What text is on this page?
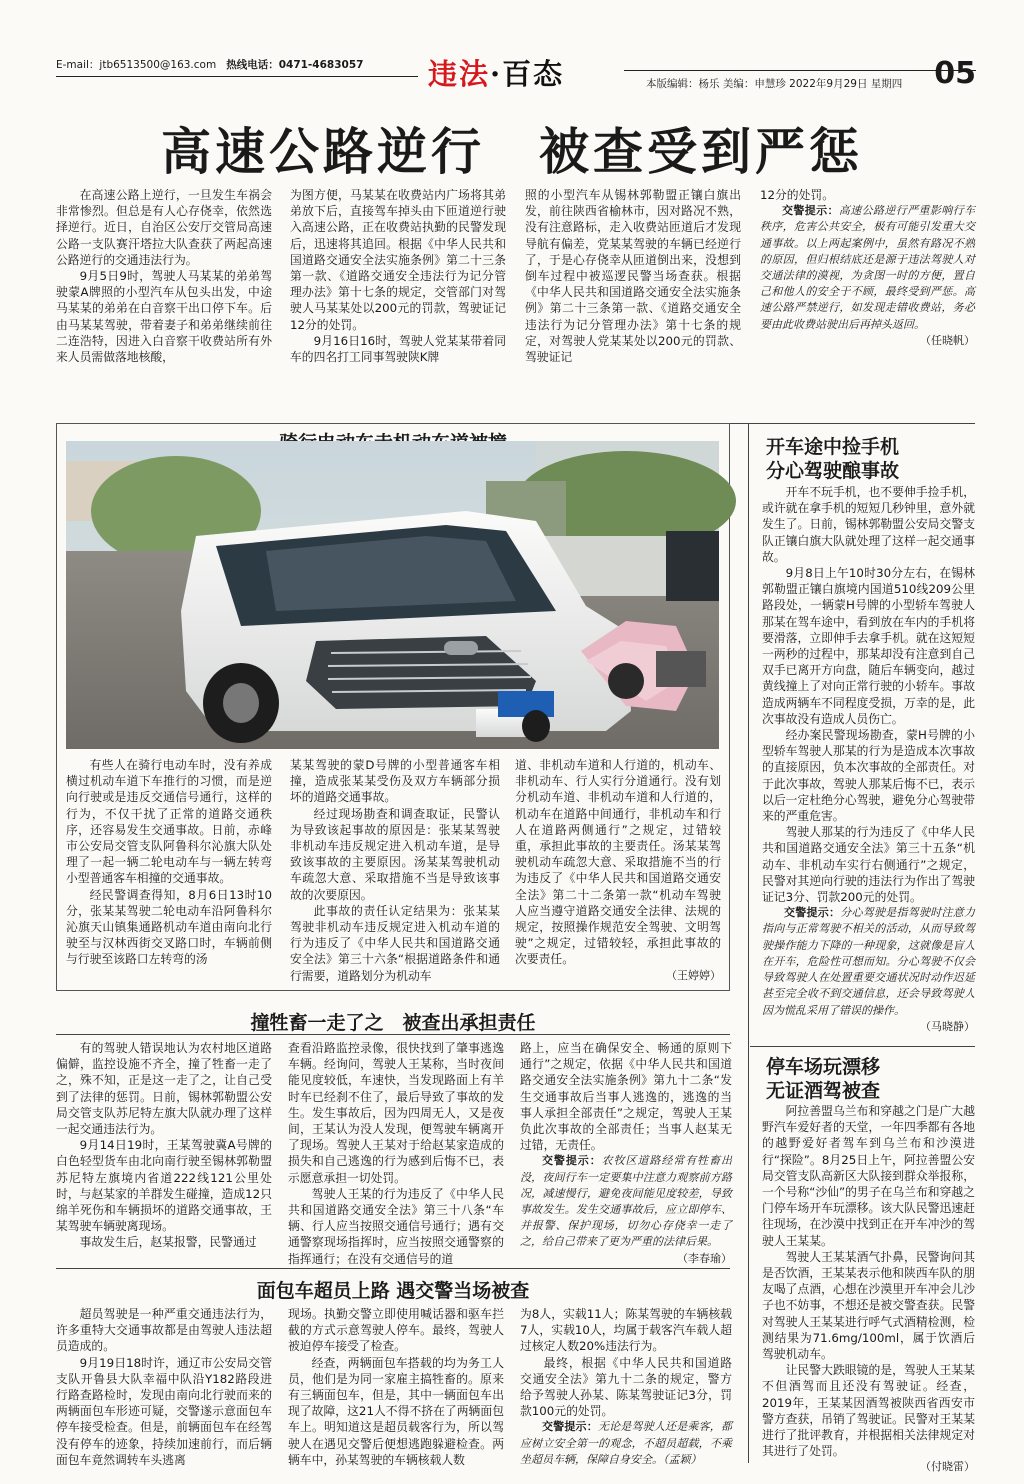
E-mail：jtb6513500@163.com 热线电话：0471-4683057 违法·百态	本版编辑：杨乐 美编：申慧珍 2022年9月29日 星期四 05
高速公路逆行　被查受到严惩

在高速公路上逆行，一旦发生车祸会非常惨烈。但总是有人心存侥幸，依然选择逆行。近日，自治区公安厅交管局高速公路一支队赛汗塔拉大队查获了两起高速公路逆行的交通违法行为。

9月5日9时，驾驶人马某某的弟弟驾驶蒙A牌照的小型汽车从包头出发，中途马某某的弟弟在白音察干出口停下车。后由马某某驾驶，带着妻子和弟弟继续前往二连浩特，因进入白音察干收费站所有外来人员需做落地核酸，

为图方便，马某某在收费站内广场将其弟弟放下后，直接驾车掉头由下匝道逆行驶入高速公路，正在收费站执勤的民警发现后，迅速将其追回。根据《中华人民共和国道路交通安全法实施条例》第二十三条第一款、《道路交通安全违法行为记分管理办法》第十七条的规定，交管部门对驾驶人马某某处以200元的罚款，驾驶证记12分的处罚。

9月16日16时，驾驶人党某某带着同车的四名打工同事驾驶陕K牌

照的小型汽车从锡林郭勒盟正镶白旗出发，前往陕西省榆林市，因对路况不熟，没有注意路标，走入收费站匝道后才发现导航有偏差，党某某驾驶的车辆已经逆行了，于是心存侥幸从匝道倒出来，没想到倒车过程中被巡逻民警当场查获。根据《中华人民共和国道路交通安全法实施条例》第二十三条第一款、《道路交通安全违法行为记分管理办法》第十七条的规定，对驾驶人党某某处以200元的罚款、驾驶证记

12分的处罚。

交警提示：高速公路逆行严重影响行车秩序，危害公共安全，极有可能引发重大交通事故。以上两起案例中，虽然有路况不熟的原因，但归根结底还是源于违法驾驶人对交通法律的漠视，为贪图一时的方便，置自己和他人的安全于不顾，最终受到严惩。高速公路严禁逆行，如发现走错收费站，务必要由此收费站驶出后再掉头返回。

（任晓帆）

有些人在骑行电动车时，没有养成横过机动车道下车推行的习惯，而是逆向行驶或是违反交通信号通行，这样的行为，不仅干扰了正常的道路交通秩序，还容易发生交通事故。日前，赤峰市公安局交管支队阿鲁科尔沁旗大队处理了一起一辆二轮电动车与一辆左转弯小型普通客车相撞的交通事故。

经民警调查得知，8月6日13时10分，张某某驾驶二轮电动车沿阿鲁科尔沁旗天山镇集通路机动车道由南向北行驶至与汉林西街交叉路口时，车辆前侧与行驶至该路口左转弯的汤

某某驾驶的蒙D号牌的小型普通客车相撞，造成张某某受伤及双方车辆部分损坏的道路交通事故。

经过现场勘查和调查取证，民警认为导致该起事故的原因是：张某某驾驶非机动车违反规定进入机动车道，是导致该事故的主要原因。汤某某驾驶机动车疏忽大意、采取措施不当是导致该事故的次要原因。

此事故的责任认定结果为：张某某驾驶非机动车违反规定进入机动车道的行为违反了《中华人民共和国道路交通安全法》第三十六条“根据道路条件和通行需要，道路划分为机动车

道、非机动车道和人行道的，机动车、非机动车、行人实行分道通行。没有划分机动车道、非机动车道和人行道的，机动车在道路中间通行，非机动车和行人在道路两侧通行”之规定，过错较重，承担此事故的主要责任。汤某某驾驶机动车疏忽大意、采取措施不当的行为违反了《中华人民共和国道路交通安全法》第二十二条第一款“机动车驾驶人应当遵守道路交通安全法律、法规的规定，按照操作规范安全驾驶、文明驾驶”之规定，过错较轻，承担此事故的次要责任。

（王婷婷）
开车途中捡手机
分心驾驶酿事故

开车不玩手机，也不要伸手捡手机，或许就在拿手机的短短几秒钟里，意外就发生了。日前，锡林郭勒盟公安局交警支队正镶白旗大队就处理了这样一起交通事故。

9月8日上午10时30分左右，在锡林郭勒盟正镶白旗境内国道510线209公里路段处，一辆蒙H号牌的小型轿车驾驶人那某在驾车途中，看到放在车内的手机将要滑落，立即伸手去拿手机。就在这短短一两秒的过程中，那某却没有注意到自己双手已离开方向盘，随后车辆变向，越过黄线撞上了对向正常行驶的小轿车。事故造成两辆车不同程度受损，万幸的是，此次事故没有造成人员伤亡。

经办案民警现场勘查，蒙H号牌的小型轿车驾驶人那某的行为是造成本次事故的直接原因，负本次事故的全部责任。对于此次事故，驾驶人那某后悔不已，表示以后一定杜绝分心驾驶，避免分心驾驶带来的严重危害。

驾驶人那某的行为违反了《中华人民共和国道路交通安全法》第三十五条“机动车、非机动车实行右侧通行”之规定，民警对其逆向行驶的违法行为作出了驾驶证记3分、罚款200元的处罚。

交警提示：分心驾驶是指驾驶时注意力指向与正常驾驶不相关的活动，从而导致驾驶操作能力下降的一种现象，这就像是盲人在开车，危险性可想而知。分心驾驶不仅会导致驾驶人在处置重要交通状况时动作迟延甚至完全收不到交通信息，还会导致驾驶人因为慌乱采用了错误的操作。

（马晓静）
撞牲畜一走了之　被查出承担责任

有的驾驶人错误地认为农村地区道路偏僻，监控设施不齐全，撞了牲畜一走了之，殊不知，正是这一走了之，让自己受到了法律的惩罚。日前，锡林郭勒盟公安局交管支队苏尼特左旗大队就办理了这样一起交通违法行为。

9月14日19时，王某驾驶冀A号牌的白色轻型货车由北向南行驶至锡林郭勒盟苏尼特左旗境内省道222线121公里处时，与赵某家的羊群发生碰撞，造成12只绵羊死伤和车辆损坏的道路交通事故，王某驾驶车辆驶离现场。

事故发生后，赵某报警，民警通过

查看沿路监控录像，很快找到了肇事逃逸车辆。经询问，驾驶人王某称，当时夜间能见度较低，车速快，当发现路面上有羊时车已经刹不住了，最后导致了事故的发生。发生事故后，因为四周无人，又是夜间，王某认为没人发现，便驾驶车辆离开了现场。驾驶人王某对于给赵某家造成的损失和自己逃逸的行为感到后悔不已，表示愿意承担一切处罚。

驾驶人王某的行为违反了《中华人民共和国道路交通安全法》第三十八条“车辆、行人应当按照交通信号通行；遇有交通警察现场指挥时，应当按照交通警察的指挥通行；在没有交通信号的道

路上，应当在确保安全、畅通的原则下通行”之规定，依据《中华人民共和国道路交通安全法实施条例》第九十二条“发生交通事故后当事人逃逸的，逃逸的当事人承担全部责任”之规定，驾驶人王某负此次事故的全部责任；当事人赵某无过错，无责任。

交警提示：农牧区道路经常有牲畜出没，夜间行车一定要集中注意力观察前方路况，减速慢行，避免夜间能见度较差，导致事故发生。发生交通事故后，应立即停车、并报警、保护现场，切勿心存侥幸一走了之，给自己带来了更为严重的法律后果。

（李春瑜）
面包车超员上路 遇交警当场被查

超员驾驶是一种严重交通违法行为，许多重特大交通事故都是由驾驶人违法超员造成的。

9月19日18时许，通辽市公安局交管支队开鲁县大队幸福中队沿Y182路段进行路查路检时，发现由南向北行驶而来的两辆面包车形迹可疑，交警遂示意面包车停车接受检查。但是，前辆面包车在经驾没有停车的迹象，持续加速前行，而后辆面包车竟然调转车头逃离

现场。执勤交警立即使用喊话器和驱车拦截的方式示意驾驶人停车。最终，驾驶人被迫停车接受了检查。

经查，两辆面包车搭载的均为务工人员，他们是为同一家雇主搞牲畜的。原来有三辆面包车，但是，其中一辆面包车出现了故障，这21人不得不挤在了两辆面包车上。明知道这是超员载客行为，所以驾驶人在遇见交警后便想逃跑躲避检查。两辆车中，孙某驾驶的车辆核载人数

为8人，实载11人；陈某驾驶的车辆核载7人，实载10人，均属于载客汽车载人超过核定人数20%违法行为。

最终，根据《中华人民共和国道路交通安全法》第九十二条的规定，警方给予驾驶人孙某、陈某驾驶证记3分，罚款100元的处罚。

交警提示：无论是驾驶人还是乘客，都应树立安全第一的观念，不超员超载，不乘坐超员车辆，保障自身安全。（孟颖）

停车场玩漂移
无证酒驾被查

阿拉善盟乌兰布和穿越之门是广大越野汽车爱好者的天堂，一年四季都有各地的越野爱好者驾车到乌兰布和沙漠进行“探险”。8月25日上午，阿拉善盟公安局交管支队高新区大队接到群众举报称，一个号称“沙仙”的男子在乌兰布和穿越之门停车场开车玩漂移。该大队民警迅速赶往现场，在沙漠中找到正在开车冲沙的驾驶人王某某。

驾驶人王某某酒气扑鼻，民警询问其是否饮酒，王某某表示他和陕西车队的朋友喝了点酒，心想在沙漠里开车冲会儿沙子也不妨事，不想还是被交警查获。民警对驾驶人王某某进行呼气式酒精检测，检测结果为71.6mg/100ml，属于饮酒后驾驶机动车。

让民警大跌眼镜的是，驾驶人王某某不但酒驾而且还没有驾驶证。经查，2019年，王某某因酒驾被陕西省西安市警方查获，吊销了驾驶证。民警对王某某进行了批评教育，并根据相关法律规定对其进行了处罚。

（付晓雷）
